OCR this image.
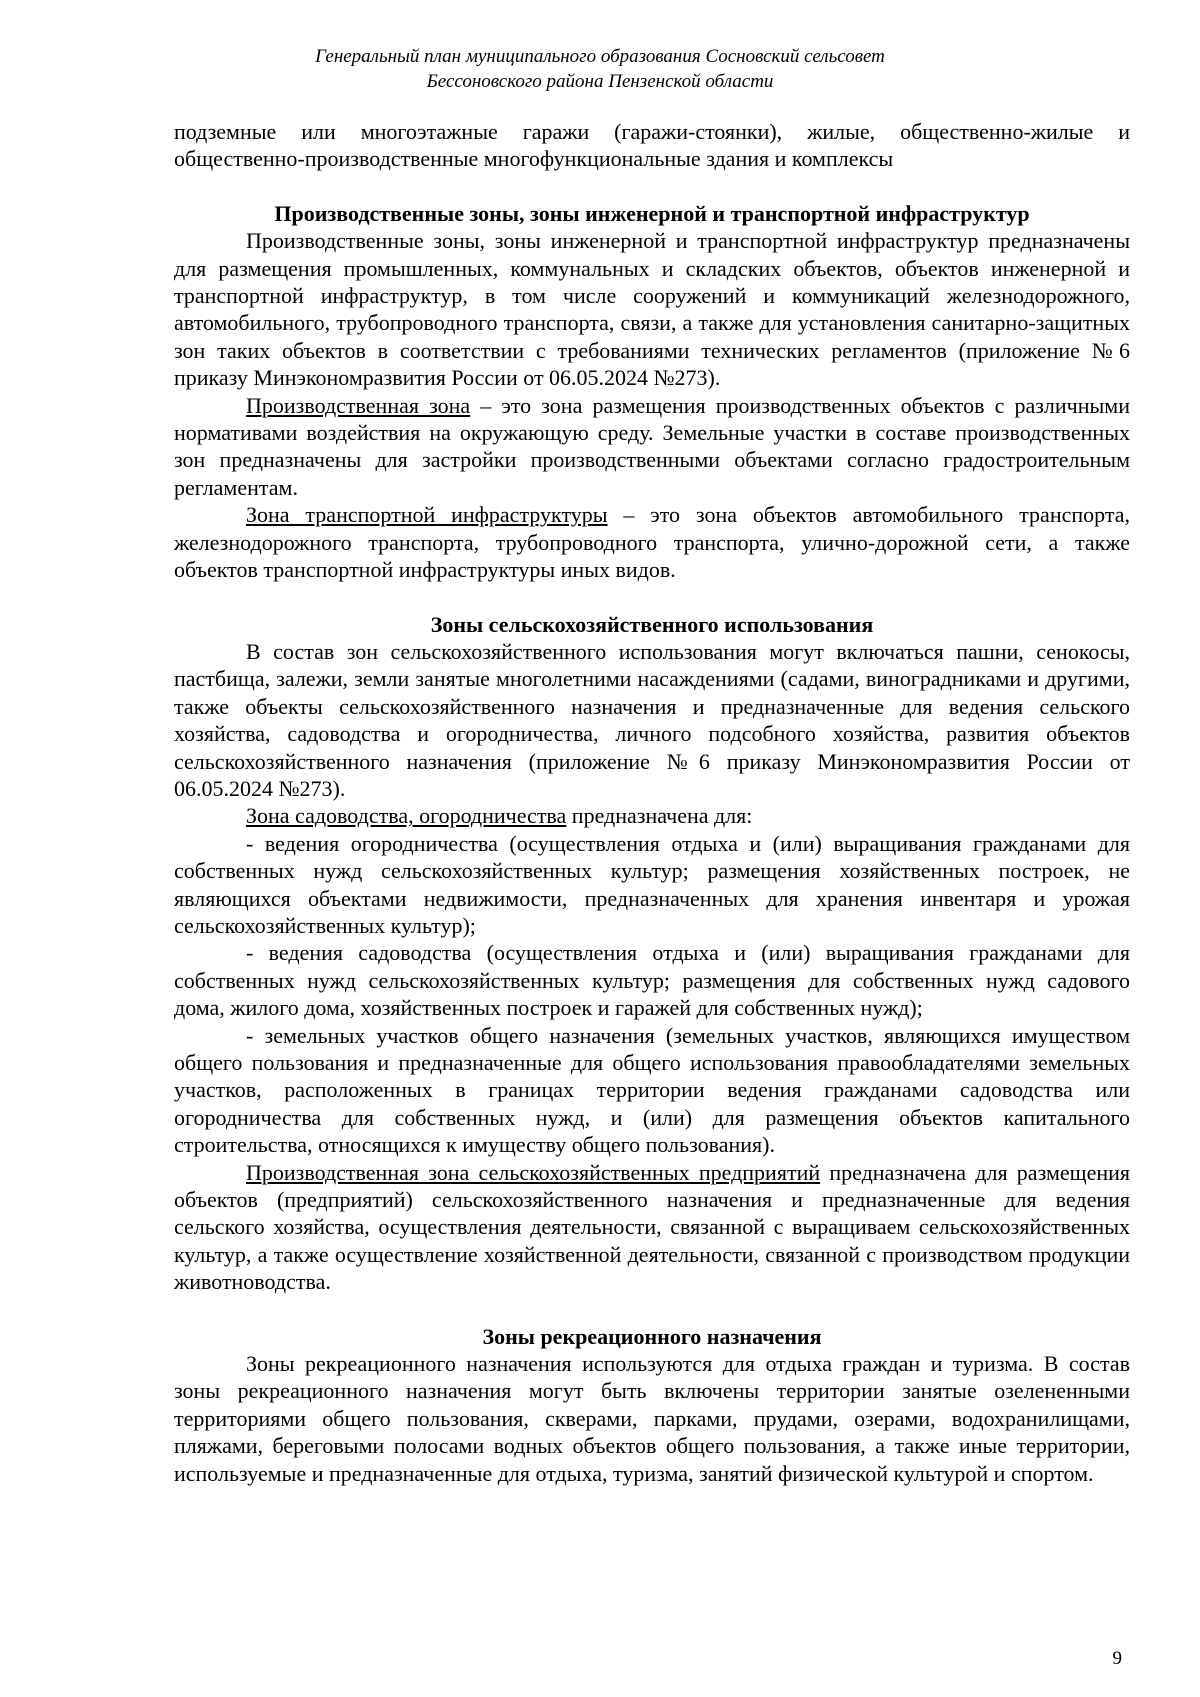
Генеральный план муниципального образования Сосновский сельсовет
Бессоновского района Пензенской области

подземные или многоэтажные гаражи (гаражи-стоянки), жилые, общественно-жилые и общественно-производственные многофункциональные здания и комплексы

Производственные зоны, зоны инженерной и транспортной инфраструктур

Производственные зоны, зоны инженерной и транспортной инфраструктур предназначены для размещения промышленных, коммунальных и складских объектов, объектов инженерной и транспортной инфраструктур, в том числе сооружений и коммуникаций железнодорожного, автомобильного, трубопроводного транспорта, связи, а также для установления санитарно-защитных зон таких объектов в соответствии с требованиями технических регламентов (приложение №6 приказу Минэкономразвития России от 06.05.2024 №273).

Производственная зона – это зона размещения производственных объектов с различными нормативами воздействия на окружающую среду. Земельные участки в составе производственных зон предназначены для застройки производственными объектами согласно градостроительным регламентам.

Зона транспортной инфраструктуры – это зона объектов автомобильного транспорта, железнодорожного транспорта, трубопроводного транспорта, улично-дорожной сети, а также объектов транспортной инфраструктуры иных видов.

Зоны сельскохозяйственного использования

В состав зон сельскохозяйственного использования могут включаться пашни, сенокосы, пастбища, залежи, земли занятые многолетними насаждениями (садами, виноградниками и другими, также объекты сельскохозяйственного назначения и предназначенные для ведения сельского хозяйства, садоводства и огородничества, личного подсобного хозяйства, развития объектов сельскохозяйственного назначения (приложение №6 приказу Минэкономразвития России от 06.05.2024 №273).

Зона садоводства, огородничества предназначена для:

- ведения огородничества (осуществления отдыха и (или) выращивания гражданами для собственных нужд сельскохозяйственных культур; размещения хозяйственных построек, не являющихся объектами недвижимости, предназначенных для хранения инвентаря и урожая сельскохозяйственных культур);

- ведения садоводства (осуществления отдыха и (или) выращивания гражданами для собственных нужд сельскохозяйственных культур; размещения для собственных нужд садового дома, жилого дома, хозяйственных построек и гаражей для собственных нужд);

- земельных участков общего назначения (земельных участков, являющихся имуществом общего пользования и предназначенные для общего использования правообладателями земельных участков, расположенных в границах территории ведения гражданами садоводства или огородничества для собственных нужд, и (или) для размещения объектов капитального строительства, относящихся к имуществу общего пользования).

Производственная зона сельскохозяйственных предприятий предназначена для размещения объектов (предприятий) сельскохозяйственного назначения и предназначенные для ведения сельского хозяйства, осуществления деятельности, связанной с выращиваем сельскохозяйственных культур, а также осуществление хозяйственной деятельности, связанной с производством продукции животноводства.

Зоны рекреационного назначения

Зоны рекреационного назначения используются для отдыха граждан и туризма. В состав зоны рекреационного назначения могут быть включены территории занятые озелененными территориями общего пользования, скверами, парками, прудами, озерами, водохранилищами, пляжами, береговыми полосами водных объектов общего пользования, а также иные территории, используемые и предназначенные для отдыха, туризма, занятий физической культурой и спортом.

9
